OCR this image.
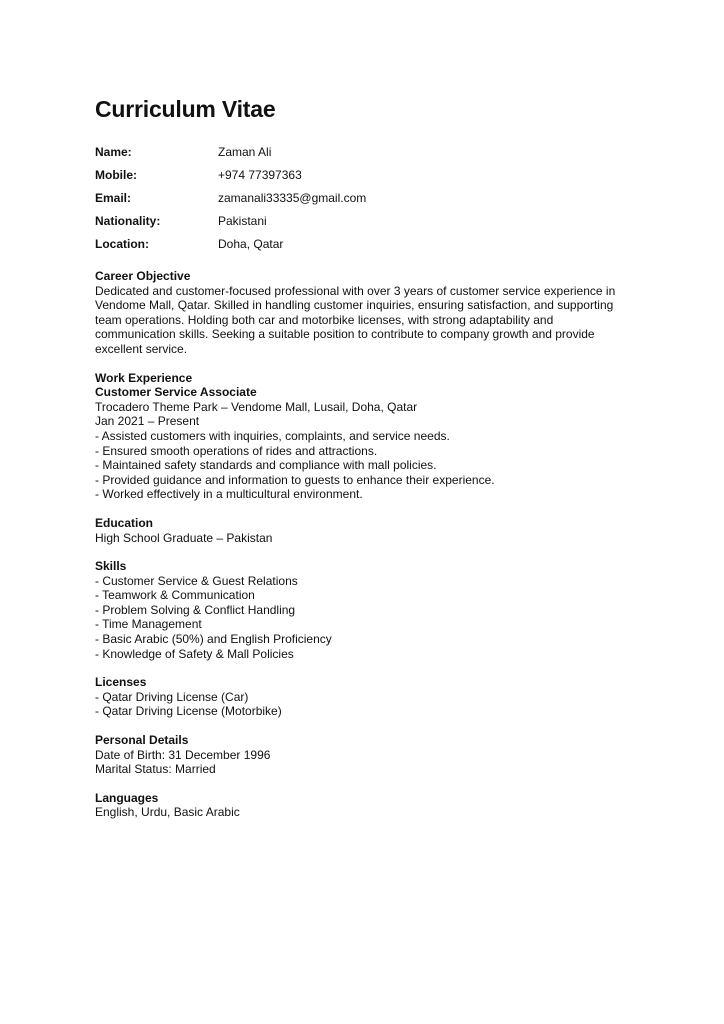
Curriculum Vitae
Name:	Zaman Ali
Mobile:	+974 77397363
Email:	zamanali33335@gmail.com
Nationality:	Pakistani
Location:	Doha, Qatar
Career Objective
Dedicated and customer-focused professional with over 3 years of customer service experience in
Vendome Mall, Qatar. Skilled in handling customer inquiries, ensuring satisfaction, and supporting
team operations. Holding both car and motorbike licenses, with strong adaptability and
communication skills. Seeking a suitable position to contribute to company growth and provide
excellent service.
Work Experience
Customer Service Associate
Trocadero Theme Park – Vendome Mall, Lusail, Doha, Qatar
Jan 2021 – Present
- Assisted customers with inquiries, complaints, and service needs.
- Ensured smooth operations of rides and attractions.
- Maintained safety standards and compliance with mall policies.
- Provided guidance and information to guests to enhance their experience.
- Worked effectively in a multicultural environment.
Education
High School Graduate – Pakistan
Skills
- Customer Service & Guest Relations
- Teamwork & Communication
- Problem Solving & Conflict Handling
- Time Management
- Basic Arabic (50%) and English Proficiency
- Knowledge of Safety & Mall Policies
Licenses
- Qatar Driving License (Car)
- Qatar Driving License (Motorbike)
Personal Details
Date of Birth: 31 December 1996
Marital Status: Married
Languages
English, Urdu, Basic Arabic
